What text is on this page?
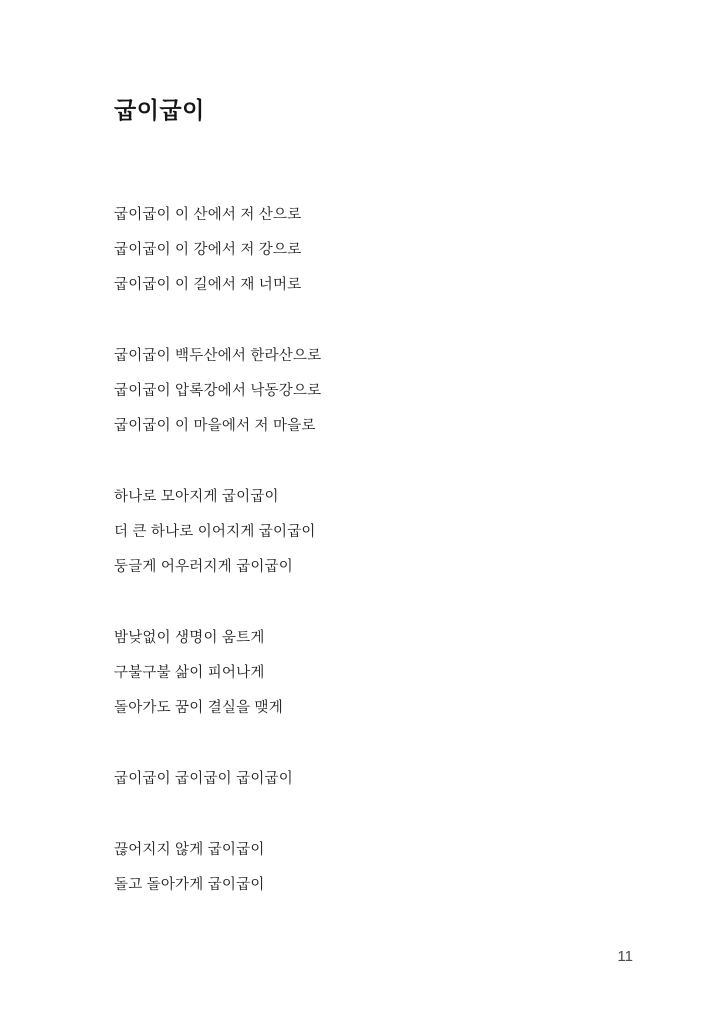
굽이굽이
굽이굽이 이 산에서 저 산으로
굽이굽이 이 강에서 저 강으로
굽이굽이 이 길에서 재 너머로
굽이굽이 백두산에서 한라산으로
굽이굽이 압록강에서 낙동강으로
굽이굽이 이 마을에서 저 마을로
하나로 모아지게 굽이굽이
더 큰 하나로 이어지게 굽이굽이
둥글게 어우러지게 굽이굽이
밤낮없이 생명이 움트게
구불구불 삶이 피어나게
돌아가도 꿈이 결실을 맺게
굽이굽이 굽이굽이 굽이굽이
끊어지지 않게 굽이굽이
돌고 돌아가게 굽이굽이
11
